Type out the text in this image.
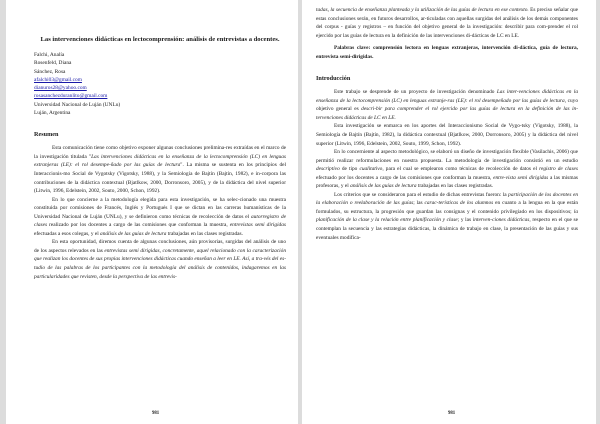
Las intervenciones didácticas en lectocomprensión: análisis de entrevistas a docentes.
Falchi, Analía
Rosenfeld, Diana
Sánchez, Rosa
afalchi03@gmail.com
dianuros28@yahoo.com
rosasanchezduranlito@gmail.com
Universidad Nacional de Luján (UNLu)
Luján, Argentina
Resumen

Esta comunicación tiene como objetivo exponer algunas conclusiones prelimina-res extraídas en el marco de la investigación titulada "Las intervenciones didácticas en la enseñanza de la lectocomprensión (LC) en lenguas extranjeras (LE): el rol desempe-ñado por las guías de lectura". La misma se sustenta en los principios del Interaccionis-mo Social de Vygotsky (Vigotsky, 1988), y la Semiología de Bajtín (Bajtín, 1982), e in-corpora las contribuciones de la didáctica contextual (Bjatlkow, 2000, Dorronsoro, 2005), y de la didáctica del nivel superior (Litwin, 1996, Edelstein, 2002, Souto, 2000, Schon, 1992).

En lo que concierne a la metodología elegida para esta investigación, se ha selec-cionado una muestra constituida por comisiones de Francés, Inglés y Portugués I que se dictan en las carreras humanísticas de la Universidad Nacional de Luján (UNLu), y se definieron como técnicas de recolección de datos el autorregistro de clases realizado por los docentes a cargo de las comisiones que conforman la muestra, entrevistas semi dirigidas efectuadas a esos colegas, y el análisis de las guías de lectura trabajadas en las clases registradas.

En esta oportunidad, diremos cuenta de algunas conclusiones, aún provisorias, surgidas del análisis de uno de los aspectos relevados en las entrevistas semi dirigidas, concretamente, aquel relacionado con la caracterización que realizan los docentes de sus propias intervenciones didácticas cuando enseñan a leer en LE. Así, a tra-vés del es-tudio de las palabras de los participantes con la metodología del análisis de contenidos, indagaremos en las particularidades que revisten, desde la perspectiva de las entrevis-

981

tadas, la secuencia de enseñanza planteada y la utilización de las guías de lectura en ese contexto. Es preciso señalar que estas conclusiones serán, en futuros desarrollos, ar-ticuladas con aquellas surgidas del análisis de los demás componentes del corpus - guías y registros – en función del objetivo general de la investigación: describir para com-prender el rol ejercido por las guías de lectura en la definición de las intervenciones di-dácticas de LC en LE.

Palabras clave: comprensión lectora en lenguas extranjeras, intervención di-dáctica, guía de lectura, entrevista semi-dirigidas.

Introducción

Este trabajo se desprende de un proyecto de investigación denominado Las inter-venciones didácticas en la enseñanza de la lectocomprensión (LC) en lenguas extranje-ras (LE): el rol desempeñado por las guías de lectura, cuyo objetivo general es descri-bir para comprender el rol ejercido por las guías de lectura en la definición de las in-tervenciones didácticas de LC en LE.

Esta investigación se enmarca en los aportes del Interaccionismo Social de Vygo-tsky (Vigotsky, 1988), la Semiología de Bajtín (Bajtín, 1982), la didáctica contextual (Bjatlkow, 2000, Dorronsoro, 2005) y la didáctica del nivel superior (Litwin, 1996, Edelstein, 2002, Souto, 1999, Schon, 1992).

En lo concerniente al aspecto metodológico, se elaboró un diseño de investigación flexible (Vasilachis, 2006) que permitió realizar reformulaciones en nuestra propuesta. La metodología de investigación consistió en un estudio descriptivo de tipo cualitativo, para el cual se emplearon como técnicas de recolección de datos el registro de clases efectuado por los docentes a cargo de las comisiones que conforman la muestra, entre-vista semi dirigidas a las mismas profesoras, y el análisis de las guías de lectura trabajadas en las clases registradas.

Los criterios que se consideraron para el estudio de dichas entrevistas fueron: la participación de los docentes en la elaboración o reelaboración de las guías; las carac-terísticas de los alumnos en cuanto a la lengua en la que están formulados, su estructura, la progresión que guardan las consignas y el contenido privilegiado en los dispositivos; la planificación de la clase y la relación entre planificación y clase; y las interven-ciones didácticas, respecto en el que se contemplan la secuencia y las estrategias didácticas, la dinámica de trabajo en clase, la presentación de las guías y sus eventuales modifica-

981
